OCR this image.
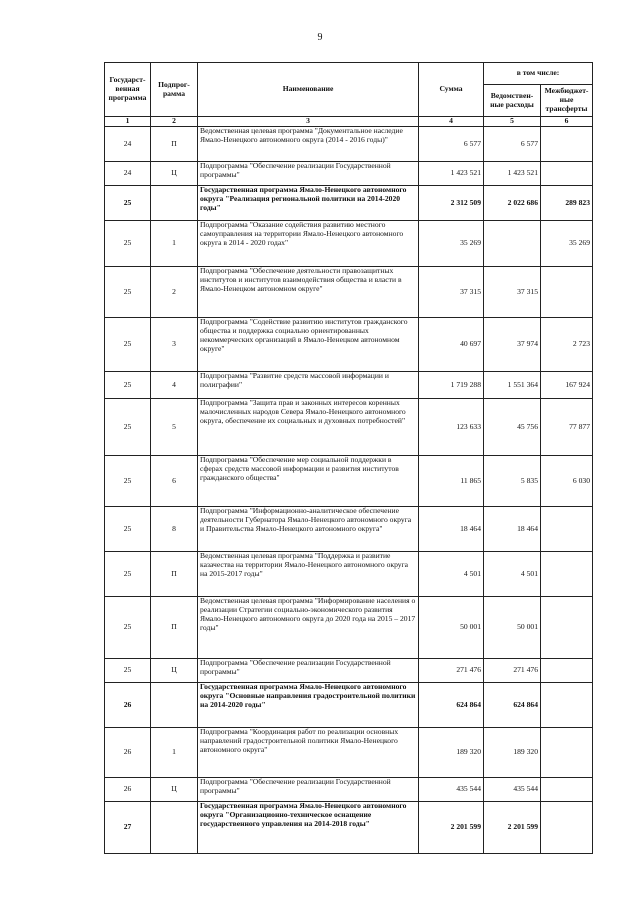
9
Государст-венная программа	Подпрог-рамма	Наименование	Сумма	в том числе:	
				Ведомствен-ные расходы	Межбюджет-ные трансферты
1	2	3	4	5	6
24	П	Ведомственная целевая программа "Документальное наследие Ямало-Ненецкого автономного округа (2014 - 2016 годы)"	6 577	6 577	
24	Ц	Подпрограмма "Обеспечение реализации Государственной программы"	1 423 521	1 423 521	
25		Государственная программа Ямало-Ненецкого автономного округа "Реализация региональной политики на 2014-2020 годы"	2 312 509	2 022 686	289 823
25	1	Подпрограмма "Оказание содействия развитию местного самоуправления на территории Ямало-Ненецкого автономного округа в 2014 - 2020 годах"	35 269		35 269
25	2	Подпрограмма "Обеспечение деятельности правозащитных институтов и институтов взаимодействия общества и власти в Ямало-Ненецком автономном округе"	37 315	37 315	
25	3	Подпрограмма "Содействие развитию институтов гражданского общества и поддержка социально ориентированных некоммерческих организаций в Ямало-Ненецком автономном округе"	40 697	37 974	2 723
25	4	Подпрограмма "Развитие средств массовой информации и полиграфии"	1 719 288	1 551 364	167 924
25	5	Подпрограмма "Защита прав и законных интересов коренных малочисленных народов Севера Ямало-Ненецкого автономного округа, обеспечение их социальных и духовных потребностей"	123 633	45 756	77 877
25	6	Подпрограмма "Обеспечение мер социальной поддержки в сферах средств массовой информации и развития институтов гражданского общества"	11 865	5 835	6 030
25	8	Подпрограмма "Информационно-аналитическое обеспечение деятельности Губернатора Ямало-Ненецкого автономного округа и Правительства Ямало-Ненецкого автономного округа"	18 464	18 464	
25	П	Ведомственная целевая программа "Поддержка и развитие казачества на территории Ямало-Ненецкого автономного округа на 2015-2017 годы"	4 501	4 501	
25	П	Ведомственная целевая программа "Информирование населения о реализации Стратегии социально-экономического развития Ямало-Ненецкого автономного округа до 2020 года на 2015 – 2017 годы"	50 001	50 001	
25	Ц	Подпрограмма "Обеспечение реализации Государственной программы"	271 476	271 476	
26		Государственная программа Ямало-Ненецкого автономного округа "Основные направления градостроительной политики на 2014-2020 годы"	624 864	624 864	
26	1	Подпрограмма "Координация работ по реализации основных направлений градостроительной политики Ямало-Ненецкого автономного округа"	189 320	189 320	
26	Ц	Подпрограмма "Обеспечение реализации Государственной программы"	435 544	435 544	
27		Государственная программа Ямало-Ненецкого автономного округа "Организационно-техническое оснащение государственного управления на 2014-2018 годы"	2 201 599	2 201 599	
